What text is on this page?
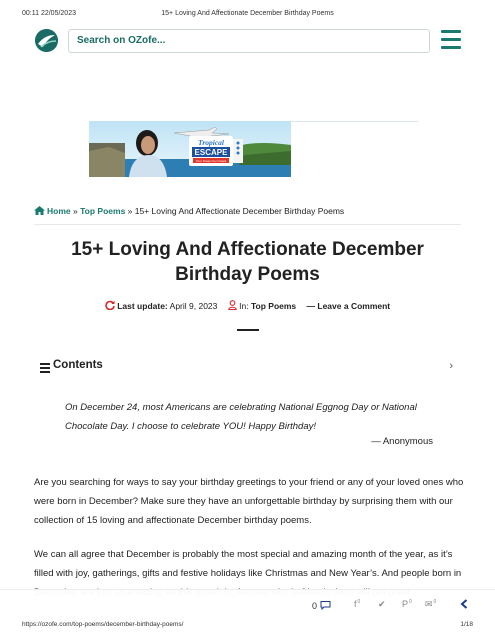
00:11 22/05/2023	15+ Loving And Affectionate December Birthday Poems
Search on OZofe...
Tropical
ESCAPE
Your Dream Fun Deals
Home » Top Poems » 15+ Loving And Affectionate December Birthday Poems
15+ Loving And Affectionate December Birthday Poems
Last update: April 9, 2023	In: Top Poems — Leave a Comment
Contents	›

On December 24, most Americans are celebrating National Eggnog Day or National Chocolate Day. I choose to celebrate YOU! Happy Birthday!

— Anonymous

Are you searching for ways to say your birthday greetings to your friend or any of your loved ones who were born in December? Make sure they have an unforgettable birthday by surprising them with our collection of 15 loving and affectionate December birthday poems.

We can all agree that December is probably the most special and amazing month of the year, as it’s filled with joy, gatherings, gifts and festive holidays like Christmas and New Year’s. And people born in

0	$f^0$ ✔ $P^0$ ✉$^0$
https://ozofe.com/top-poems/december-birthday-poems/	1/18
